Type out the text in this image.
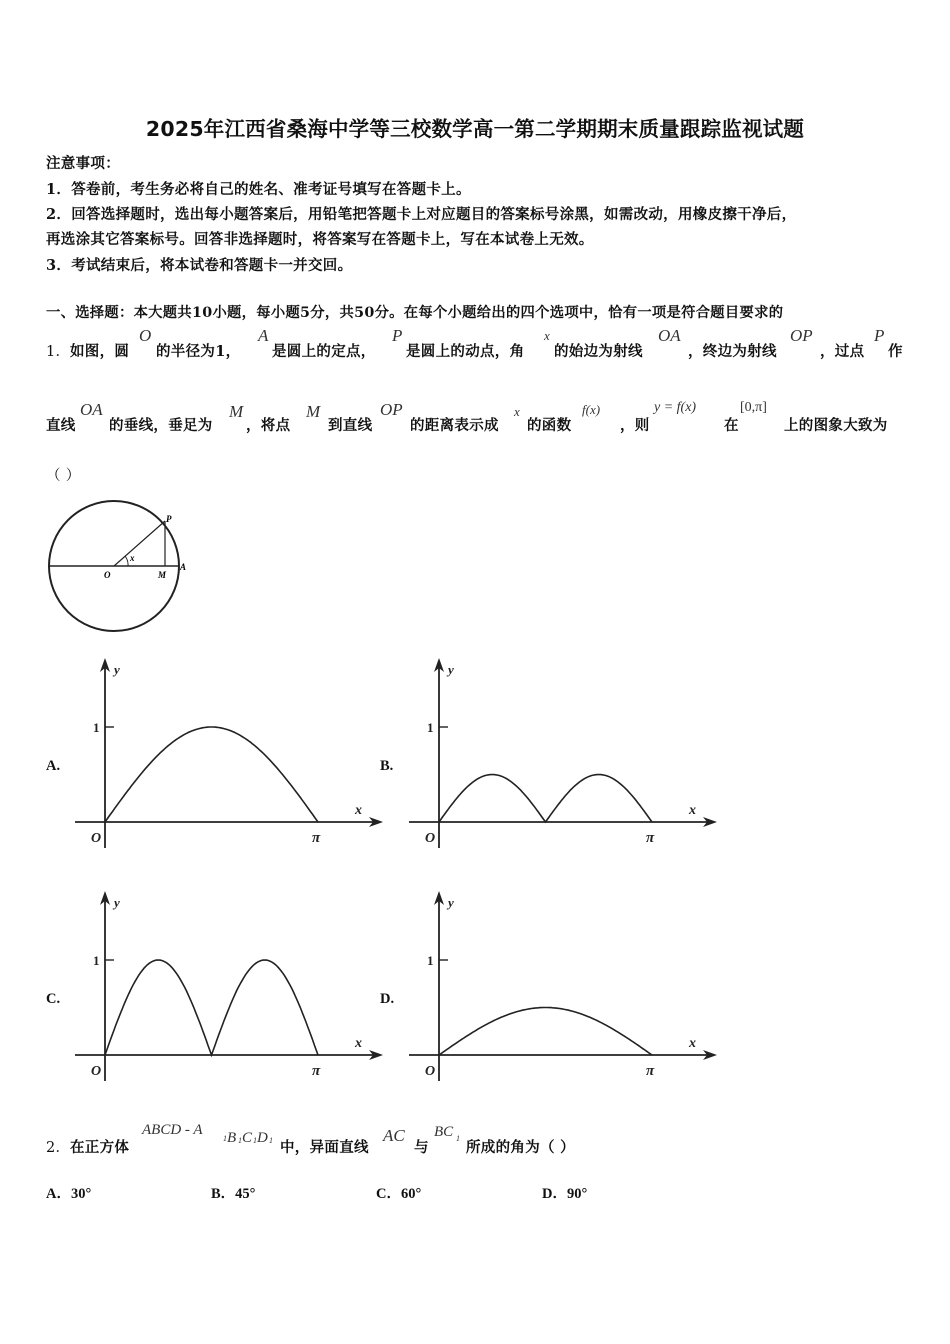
2025年江西省桑海中学等三校数学高一第二学期期末质量跟踪监视试题
注意事项：
1．答卷前，考生务必将自己的姓名、准考证号填写在答题卡上。
2．回答选择题时，选出每小题答案后，用铅笔把答题卡上对应题目的答案标号涂黑，如需改动，用橡皮擦干净后，
再选涂其它答案标号。回答非选择题时，将答案写在答题卡上，写在本试卷上无效。
3．考试结束后，将本试卷和答题卡一并交回。
一、选择题：本大题共10小题，每小题5分，共50分。在每个小题给出的四个选项中，恰有一项是符合题目要求的
1． 如图，圆
O
的半径为1，
A
是圆上的定点，
P
是圆上的动点，角
x
的始边为射线
OA
，终边为射线
OP
，过点
P
作
直线
OA
的垂线，垂足为
M
，将点
M
到直线
OP
的距离表示成
x
的函数
f(x)
，则
y = f(x)
在
[0,π]
上的图象大致为
（ ）
O
x
M
A
P
A.
1
y
x
O	π
B.
1
y
x
O	π
C.
1
y
x
O	π
D.
1
y
x
O	π
2． 在正方体
ABCD - A
1 B 1 C 1 D 1 中，异面直线
AC
与
BC 1
所成的角为（ ）
A．30°	B．45°	C．60°	D．90°
